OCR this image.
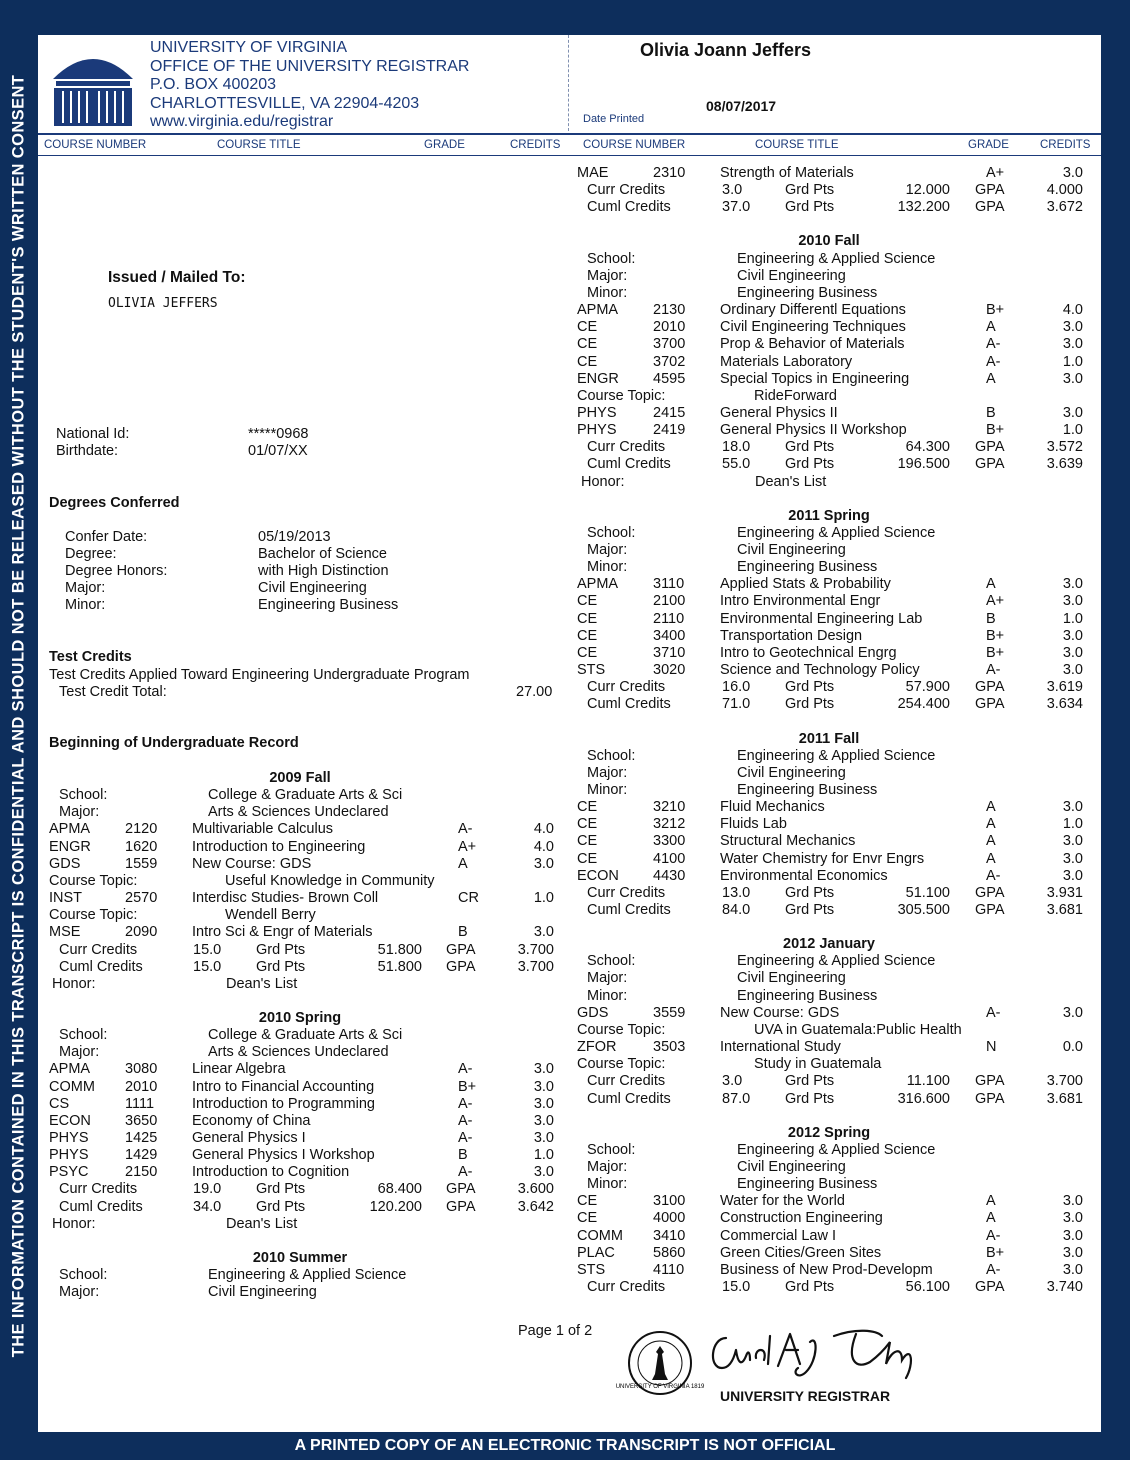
THE INFORMATION CONTAINED IN THIS TRANSCRIPT IS CONFIDENTIAL AND SHOULD NOT BE RELEASED WITHOUT THE STUDENT'S WRITTEN CONSENT
UNIVERSITY OF VIRGINIA
OFFICE OF THE UNIVERSITY REGISTRAR
P.O. BOX 400203
CHARLOTTESVILLE, VA 22904-4203
www.virginia.edu/registrar
Olivia Joann Jeffers
08/07/2017
Date Printed
COURSE NUMBER	COURSE TITLE	GRADE	CREDITS COURSE NUMBER	COURSE TITLE	GRADE	CREDITS
Issued / Mailed To:
OLIVIA JEFFERS
National Id:	*****0968
Birthdate:	01/07/XX
Degrees Conferred
Confer Date:	05/19/2013
Degree:	Bachelor of Science
Degree Honors:	with High Distinction
Major:	Civil Engineering
Minor:	Engineering Business
Test Credits
Test Credits Applied Toward Engineering Undergraduate Program
Test Credit Total:	27.00
Beginning of Undergraduate Record
Page 1 of 2
UNIVERSITY OF VIRGINIA 1819	Carol A. J. Stanley
UNIVERSITY REGISTRAR
2009 Fall
School:	College & Graduate Arts & Sci
Major:	Arts & Sciences Undeclared
APMA 2120 Multivariable Calculus	A-	4.0
ENGR 1620 Introduction to Engineering	A+	4.0
GDS	1559 New Course: GDS	A	3.0
Course Topic:	Useful Knowledge in Community
INST	2570 Interdisc Studies- Brown Coll	CR	1.0
Course Topic:	Wendell Berry
MSE	2090 Intro Sci & Engr of Materials	B	3.0
Curr Credits	15.0 Grd Pts	51.800 GPA	3.700
Cuml Credits	15.0 Grd Pts	51.800 GPA	3.700
Honor:	Dean's List
2010 Spring
School:	College & Graduate Arts & Sci
Major:	Arts & Sciences Undeclared
APMA 3080 Linear Algebra	A-	3.0
COMM 2010 Intro to Financial Accounting	B+	3.0
CS	1111	Introduction to Programming	A-	3.0
ECON 3650 Economy of China	A-	3.0
PHYS	1425 General Physics I	A-	3.0
PHYS	1429 General Physics I Workshop	B	1.0
PSYC	2150 Introduction to Cognition	A-	3.0
Curr Credits	19.0 Grd Pts	68.400 GPA	3.600
Cuml Credits	34.0 Grd Pts	120.200 GPA	3.642
Honor:	Dean's List
2010 Summer
School:	Engineering & Applied Science
Major:	Civil Engineering
MAE	2310 Strength of Materials	A+	3.0
Curr Credits	3.0	Grd Pts	12.000 GPA	4.000
Cuml Credits	37.0 Grd Pts	132.200 GPA	3.672
2010 Fall
School:	Engineering & Applied Science
Major:	Civil Engineering
Minor:	Engineering Business
APMA 2130 Ordinary Differentl Equations	B+	4.0
CE	2010 Civil Engineering Techniques	A	3.0
CE	3700 Prop & Behavior of Materials	A-	3.0
CE	3702 Materials Laboratory	A-	1.0
ENGR 4595 Special Topics in Engineering	A	3.0
Course Topic:	RideForward
PHYS	2415 General Physics II	B	3.0
PHYS	2419 General Physics II Workshop	B+	1.0
Curr Credits	18.0 Grd Pts	64.300 GPA	3.572
Cuml Credits	55.0 Grd Pts	196.500 GPA	3.639
Honor:	Dean's List
2011 Spring
School:	Engineering & Applied Science
Major:	Civil Engineering
Minor:	Engineering Business
APMA 3110 Applied Stats & Probability	A	3.0
CE	2100 Intro Environmental Engr	A+	3.0
CE	2110 Environmental Engineering Lab	B	1.0
CE	3400 Transportation Design	B+	3.0
CE	3710 Intro to Geotechnical Engrg	B+	3.0
STS	3020 Science and Technology Policy	A-	3.0
Curr Credits	16.0 Grd Pts	57.900 GPA	3.619
Cuml Credits	71.0 Grd Pts	254.400 GPA	3.634
2011 Fall
School:	Engineering & Applied Science
Major:	Civil Engineering
Minor:	Engineering Business
CE	3210 Fluid Mechanics	A	3.0
CE	3212 Fluids Lab	A	1.0
CE	3300 Structural Mechanics	A	3.0
CE	4100 Water Chemistry for Envr Engrs	A	3.0
ECON 4430 Environmental Economics	A-	3.0
Curr Credits	13.0 Grd Pts	51.100 GPA	3.931
Cuml Credits	84.0 Grd Pts	305.500 GPA	3.681
2012 January
School:	Engineering & Applied Science
Major:	Civil Engineering
Minor:	Engineering Business
GDS	3559 New Course: GDS	A-	3.0
Course Topic:	UVA in Guatemala:Public Health
ZFOR	3503 International Study	N	0.0
Course Topic:	Study in Guatemala
Curr Credits	3.0	Grd Pts	11.100 GPA	3.700
Cuml Credits	87.0 Grd Pts	316.600 GPA	3.681
2012 Spring
School:	Engineering & Applied Science
Major:	Civil Engineering
Minor:	Engineering Business
CE	3100 Water for the World	A	3.0
CE	4000 Construction Engineering	A	3.0
COMM 3410 Commercial Law I	A-	3.0
PLAC	5860 Green Cities/Green Sites	B+	3.0
STS	4110 Business of New Prod-Developm	A-	3.0
Curr Credits	15.0 Grd Pts	56.100 GPA	3.740
A PRINTED COPY OF AN ELECTRONIC TRANSCRIPT IS NOT OFFICIAL
